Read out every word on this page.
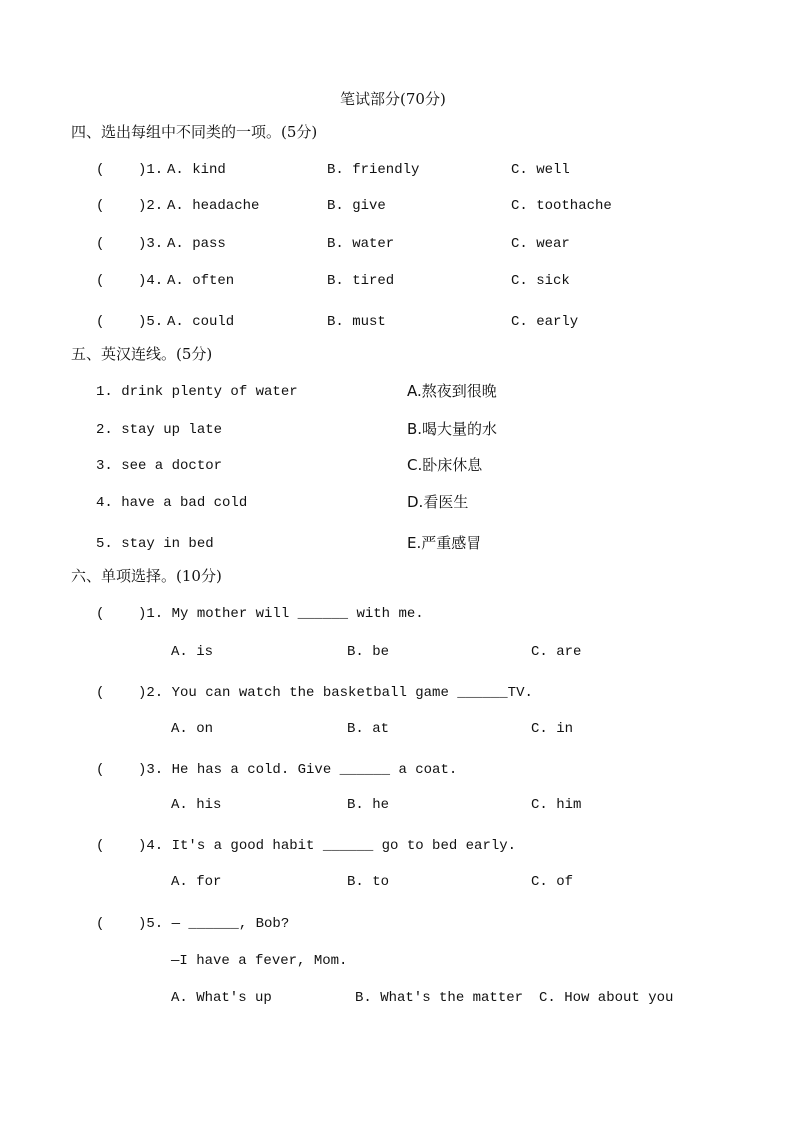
笔试部分(70分)
四、选出每组中不同类的一项。(5分)
(    )1. A. kind	B. friendly	C. well
(    )2. A. headache	B. give	C. toothache
(    )3. A. pass	B. water	C. wear
(    )4. A. often	B. tired	C. sick
(    )5. A. could	B. must	C. early
五、英汉连线。(5分)
1. drink plenty of water	A.熬夜到很晚
2. stay up late	B.喝大量的水
3. see a doctor	C.卧床休息
4. have a bad cold	D.看医生
5. stay in bed	E.严重感冒
六、单项选择。(10分)
(    )1. My mother will ______ with me.
A. is	B. be	C. are
(    )2. You can watch the basketball game ______TV.
A. on	B. at	C. in
(    )3. He has a cold. Give ______ a coat.
A. his	B. he	C. him
(    )4. It's a good habit ______ go to bed early.
A. for	B. to	C. of
(    )5. — ______, Bob?
—I have a fever, Mom.
A. What's up	B. What's the matter C. How about you
